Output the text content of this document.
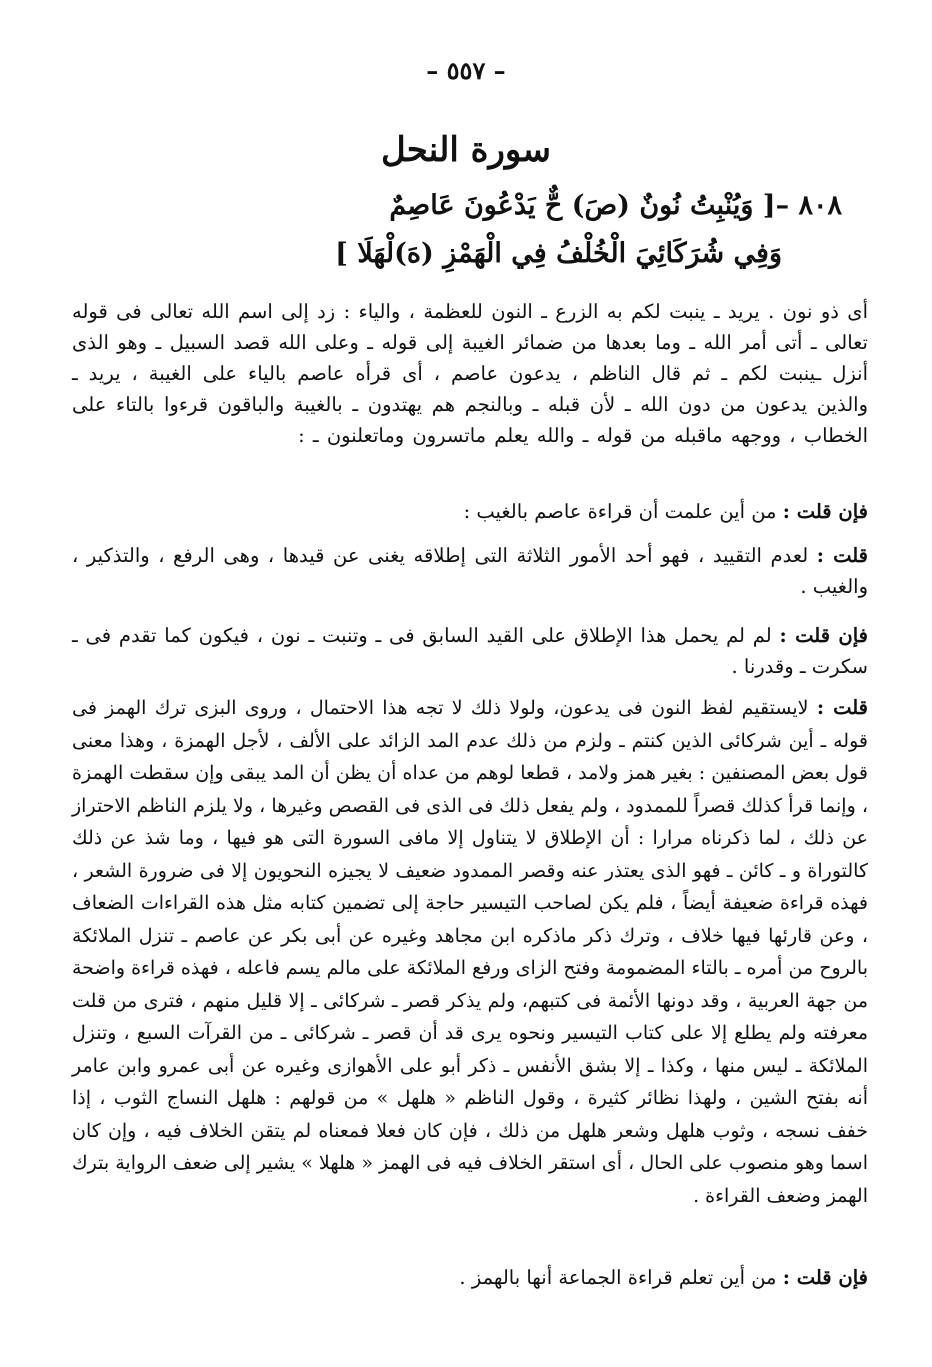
– ٥٥٧ –
سورة النحل
٨٠٨ –[ وَيُنْبِتُ نُونٌ (صَ) حٌّ يَدْعُونَ عَاصِمٌ
وَفِي شُرَكَائِيَ الْخُلْفُ فِي الْهَمْزِ (هَ)لْهَلَا ]

أى ذو نون . يريد ـ ينبت لكم به الزرع ـ النون للعظمة ، والياء : زد إلى اسم الله تعالى فى قوله تعالى ـ أتى أمر الله ـ وما بعدها من ضمائر الغيبة إلى قوله ـ وعلى الله قصد السبيل ـ وهو الذى أنزل ـينبت لكم ـ ثم قال الناظم ، يدعون عاصم ، أى قرأه عاصم بالياء على الغيبة ، يريد ـ والذين يدعون من دون الله ـ لأن قبله ـ وبالنجم هم يهتدون ـ بالغيبة والباقون قرءوا بالتاء على الخطاب ، ووجهه ماقبله من قوله ـ والله يعلم ماتسرون وماتعلنون ـ :

فإن قلت : من أين علمت أن قراءة عاصم بالغيب :

قلت : لعدم التقييد ، فهو أحد الأمور الثلاثة التى إطلاقه يغنى عن قيدها ، وهى الرفع ، والتذكير ، والغيب .

فإن قلت : لم لم يحمل هذا الإطلاق على القيد السابق فى ـ وتنبت ـ نون ، فيكون كما تقدم فى ـ سكرت ـ وقدرنا .

قلت : لايستقيم لفظ النون فى يدعون، ولولا ذلك لا تجه هذا الاحتمال ، وروى البزى ترك الهمز فى قوله ـ أين شركائى الذين كنتم ـ ولزم من ذلك عدم المد الزائد على الألف ، لأجل الهمزة ، وهذا معنى قول بعض المصنفين : بغير همز ولامد ، قطعا لوهم من عداه أن يظن أن المد يبقى وإن سقطت الهمزة ، وإنما قرأ كذلك قصراً للممدود ، ولم يفعل ذلك فى الذى فى القصص وغيرها ، ولا يلزم الناظم الاحتراز عن ذلك ، لما ذكرناه مرارا : أن الإطلاق لا يتناول إلا مافى السورة التى هو فيها ، وما شذ عن ذلك كالتوراة و ـ كائن ـ فهو الذى يعتذر عنه وقصر الممدود ضعيف لا يجيزه النحويون إلا فى ضرورة الشعر ، فهذه قراءة ضعيفة أيضاً ، فلم يكن لصاحب التيسير حاجة إلى تضمين كتابه مثل هذه القراءات الضعاف ، وعن قارئها فيها خلاف ، وترك ذكر ماذكره ابن مجاهد وغيره عن أبى بكر عن عاصم ـ تنزل الملائكة بالروح من أمره ـ بالتاء المضمومة وفتح الزاى ورفع الملائكة على مالم يسم فاعله ، فهذه قراءة واضحة من جهة العربية ، وقد دونها الأئمة فى كتبهم، ولم يذكر قصر ـ شركائى ـ إلا قليل منهم ، فترى من قلت معرفته ولم يطلع إلا على كتاب التيسير ونحوه يرى قد أن قصر ـ شركائى ـ من القرآت السبع ، وتنزل الملائكة ـ ليس منها ، وكذا ـ إلا بشق الأنفس ـ ذكر أبو على الأهوازى وغيره عن أبى عمرو وابن عامر أنه بفتح الشين ، ولهذا نظائر كثيرة ، وقول الناظم « هلهل » من قولهم : هلهل النساج الثوب ، إذا خفف نسجه ، وثوب هلهل وشعر هلهل من ذلك ، فإن كان فعلا فمعناه لم يتقن الخلاف فيه ، وإن كان اسما وهو منصوب على الحال ، أى استقر الخلاف فيه فى الهمز « هلهلا » يشير إلى ضعف الرواية بترك الهمز وضعف القراءة .

فإن قلت : من أين تعلم قراءة الجماعة أنها بالهمز .
